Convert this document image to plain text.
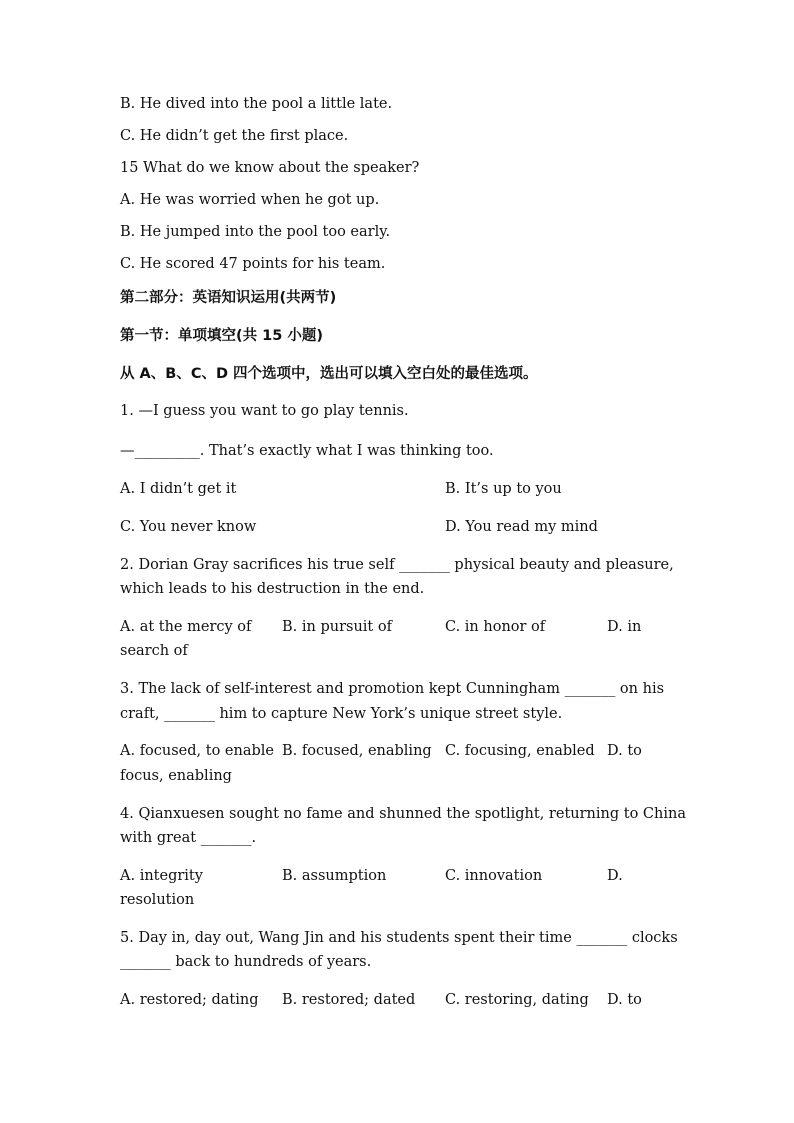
B. He dived into the pool a little late.
C. He didn’t get the first place.
15 What do we know about the speaker?
A. He was worried when he got up.
B. He jumped into the pool too early.
C. He scored 47 points for his team.
第二部分：英语知识运用(共两节)
第一节：单项填空(共 15 小题)
从 A、B、C、D 四个选项中，选出可以填入空白处的最佳选项。
1. —I guess you want to go play tennis.
—_________. That’s exactly what I was thinking too.
A. I didn’t get it	B. It’s up to you
C. You never know	D. You read my mind
2. Dorian Gray sacrifices his true self _______ physical beauty and pleasure,
which leads to his destruction in the end.
A. at the mercy of B. in pursuit of	C. in honor of	D. in
search of
3. The lack of self-interest and promotion kept Cunningham _______ on his
craft, _______ him to capture New York’s unique street style.
A. focused, to enable B. focused, enabling C. focusing, enabled D. to
focus, enabling
4. Qianxuesen sought no fame and shunned the spotlight, returning to China
with great _______.
A. integrity	B. assumption	C. innovation	D.
resolution
5. Day in, day out, Wang Jin and his students spent their time _______ clocks
_______ back to hundreds of years.
A. restored; dating B. restored; dated C. restoring, dating D. to
